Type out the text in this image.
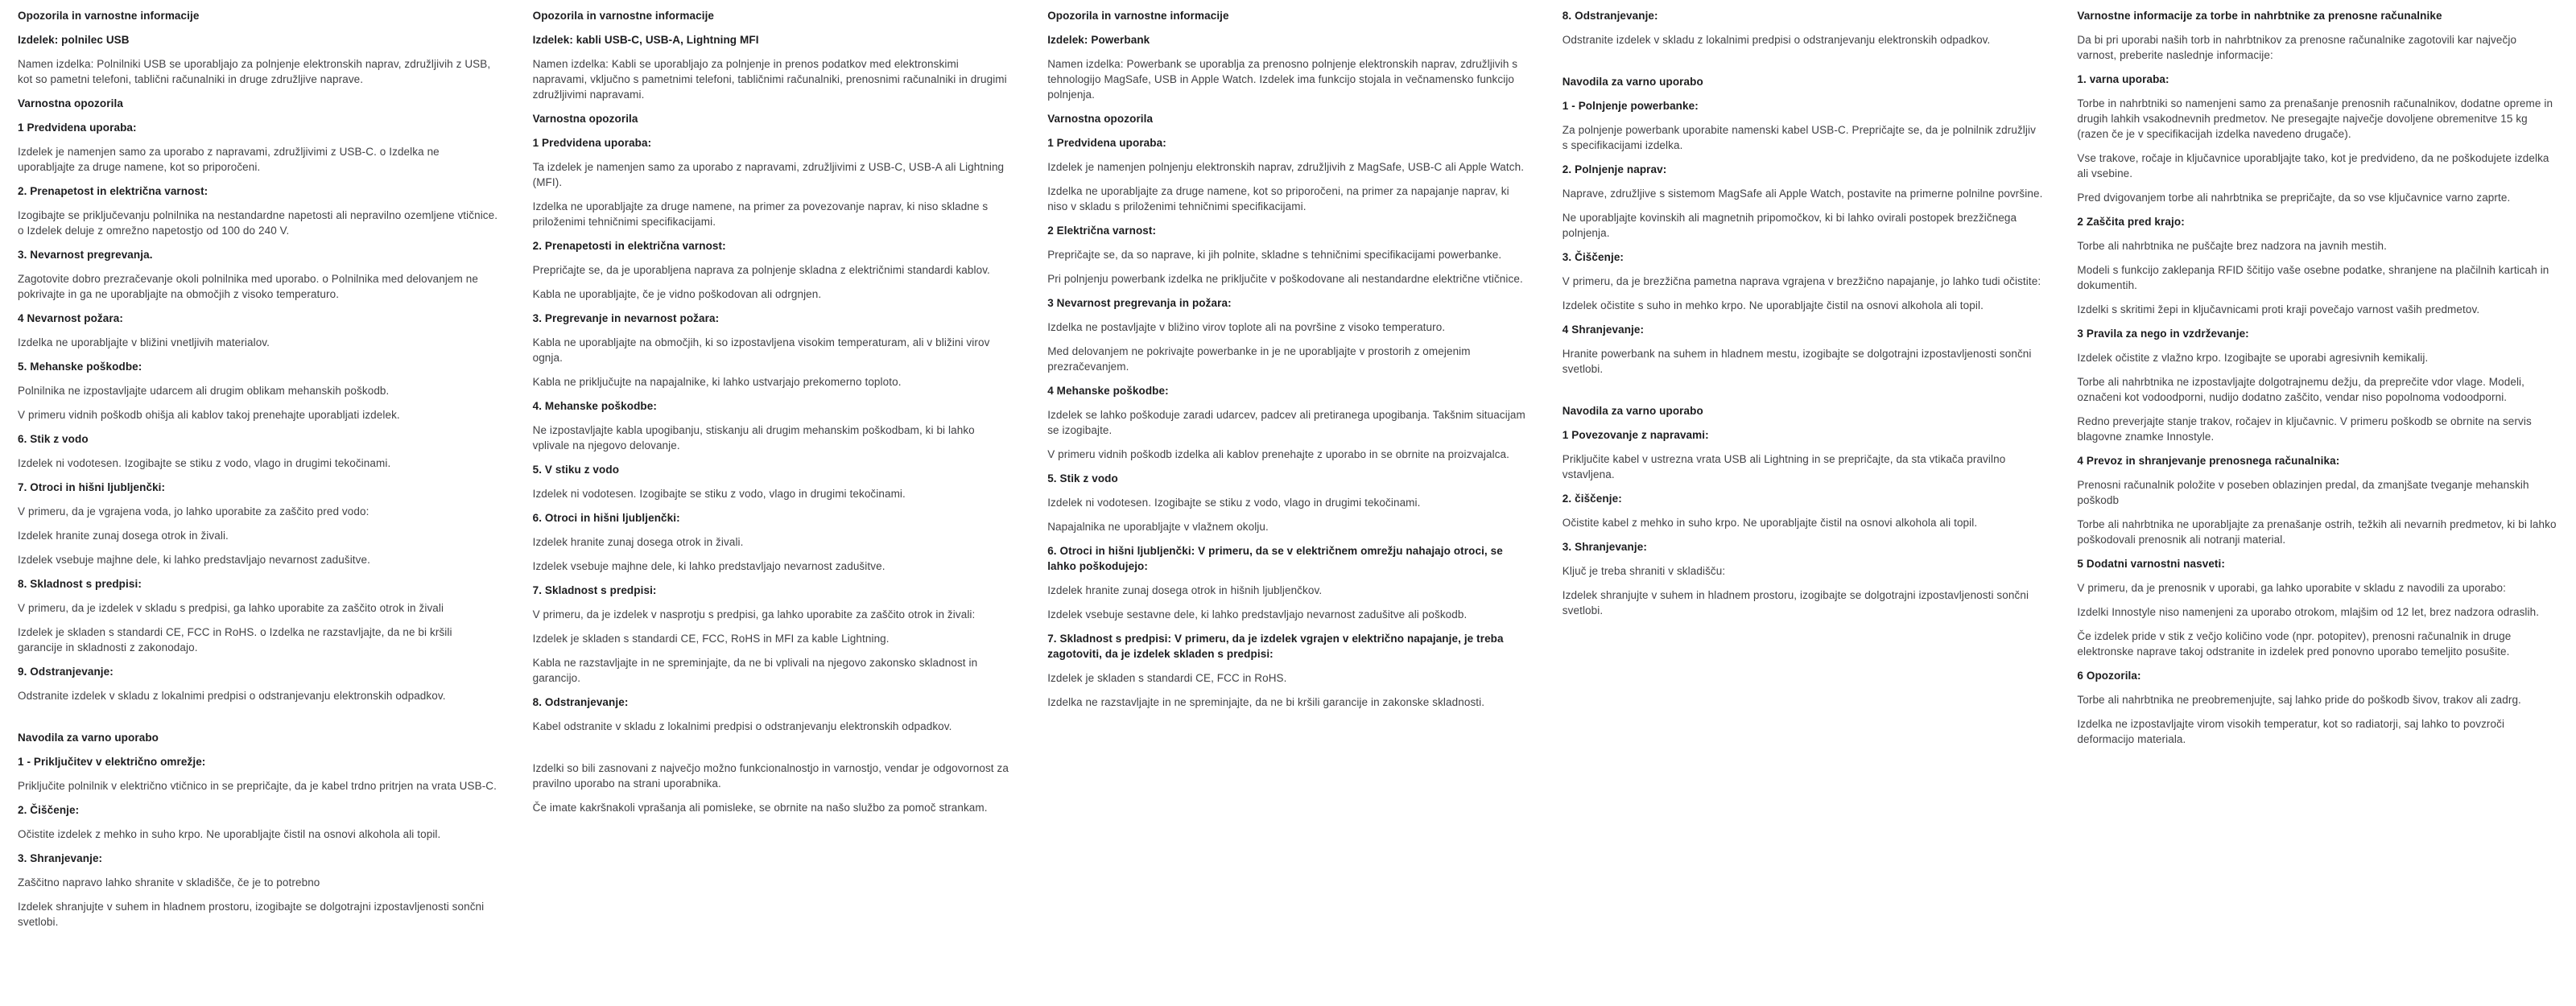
Opozorila in varnostne informacije
Izdelek: polnilec USB
Namen izdelka: Polnilniki USB se uporabljajo za polnjenje elektronskih naprav, združljivih z USB, kot so pametni telefoni, tablični računalniki in druge združljive naprave.
Varnostna opozorila
1 Predvidena uporaba:
Izdelek je namenjen samo za uporabo z napravami, združljivimi z USB-C. o Izdelka ne uporabljajte za druge namene, kot so priporočeni.
2. Prenapetost in električna varnost:
Izogibajte se priključevanju polnilnika na nestandardne napetosti ali nepravilno ozemljene vtičnice. o Izdelek deluje z omrežno napetostjo od 100 do 240 V.
3. Nevarnost pregrevanja.
Zagotovite dobro prezračevanje okoli polnilnika med uporabo. o Polnilnika med delovanjem ne pokrivajte in ga ne uporabljajte na območjih z visoko temperaturo.
4 Nevarnost požara:
Izdelka ne uporabljajte v bližini vnetljivih materialov.
5. Mehanske poškodbe:
Polnilnika ne izpostavljajte udarcem ali drugim oblikam mehanskih poškodb.
V primeru vidnih poškodb ohišja ali kablov takoj prenehajte uporabljati izdelek.
6. Stik z vodo
Izdelek ni vodotesen. Izogibajte se stiku z vodo, vlago in drugimi tekočinami.
7. Otroci in hišni ljubljenčki:
V primeru, da je vgrajena voda, jo lahko uporabite za zaščito pred vodo:
Izdelek hranite zunaj dosega otrok in živali.
Izdelek vsebuje majhne dele, ki lahko predstavljajo nevarnost zadušitve.
8. Skladnost s predpisi:
V primeru, da je izdelek v skladu s predpisi, ga lahko uporabite za zaščito otrok in živali
Izdelek je skladen s standardi CE, FCC in RoHS. o Izdelka ne razstavljajte, da ne bi kršili garancije in skladnosti z zakonodajo.
9. Odstranjevanje:
Odstranite izdelek v skladu z lokalnimi predpisi o odstranjevanju elektronskih odpadkov.
Navodila za varno uporabo
1 - Priključitev v električno omrežje:
Priključite polnilnik v električno vtičnico in se prepričajte, da je kabel trdno pritrjen na vrata USB-C.
2. Čiščenje:
Očistite izdelek z mehko in suho krpo. Ne uporabljajte čistil na osnovi alkohola ali topil.
3. Shranjevanje:
Zaščitno napravo lahko shranite v skladišče, če je to potrebno
Izdelek shranjujte v suhem in hladnem prostoru, izogibajte se dolgotrajni izpostavljenosti sončni svetlobi.
Opozorila in varnostne informacije
Izdelek: kabli USB-C, USB-A, Lightning MFI
Namen izdelka: Kabli se uporabljajo za polnjenje in prenos podatkov med elektronskimi napravami, vključno s pametnimi telefoni, tabličnimi računalniki, prenosnimi računalniki in drugimi združljivimi napravami.
Varnostna opozorila
1 Predvidena uporaba:
Ta izdelek je namenjen samo za uporabo z napravami, združljivimi z USB-C, USB-A ali Lightning (MFI).
Izdelka ne uporabljajte za druge namene, na primer za povezovanje naprav, ki niso skladne s priloženimi tehničnimi specifikacijami.
2. Prenapetosti in električna varnost:
Prepričajte se, da je uporabljena naprava za polnjenje skladna z električnimi standardi kablov.
Kabla ne uporabljajte, če je vidno poškodovan ali odrgnjen.
3. Pregrevanje in nevarnost požara:
Kabla ne uporabljajte na območjih, ki so izpostavljena visokim temperaturam, ali v bližini virov ognja.
Kabla ne priključujte na napajalnike, ki lahko ustvarjajo prekomerno toploto.
4. Mehanske poškodbe:
Ne izpostavljajte kabla upogibanju, stiskanju ali drugim mehanskim poškodbam, ki bi lahko vplivale na njegovo delovanje.
5. V stiku z vodo
Izdelek ni vodotesen. Izogibajte se stiku z vodo, vlago in drugimi tekočinami.
6. Otroci in hišni ljubljenčki:
Izdelek hranite zunaj dosega otrok in živali.
Izdelek vsebuje majhne dele, ki lahko predstavljajo nevarnost zadušitve.
7. Skladnost s predpisi:
V primeru, da je izdelek v nasprotju s predpisi, ga lahko uporabite za zaščito otrok in živali:
Izdelek je skladen s standardi CE, FCC, RoHS in MFI za kable Lightning.
Kabla ne razstavljajte in ne spreminjajte, da ne bi vplivali na njegovo zakonsko skladnost in garancijo.
8. Odstranjevanje:
Kabel odstranite v skladu z lokalnimi predpisi o odstranjevanju elektronskih odpadkov.
Izdelki so bili zasnovani z največjo možno funkcionalnostjo in varnostjo, vendar je odgovornost za pravilno uporabo na strani uporabnika.
Če imate kakršnakoli vprašanja ali pomisleke, se obrnite na našo službo za pomoč strankam.
Opozorila in varnostne informacije
Izdelek: Powerbank
Namen izdelka: Powerbank se uporablja za prenosno polnjenje elektronskih naprav, združljivih s tehnologijo MagSafe, USB in Apple Watch. Izdelek ima funkcijo stojala in večnamensko funkcijo polnjenja.
Varnostna opozorila
1 Predvidena uporaba:
Izdelek je namenjen polnjenju elektronskih naprav, združljivih z MagSafe, USB-C ali Apple Watch.
Izdelka ne uporabljajte za druge namene, kot so priporočeni, na primer za napajanje naprav, ki niso v skladu s priloženimi tehničnimi specifikacijami.
2 Električna varnost:
Prepričajte se, da so naprave, ki jih polnite, skladne s tehničnimi specifikacijami powerbanke.
Pri polnjenju powerbank izdelka ne priključite v poškodovane ali nestandardne električne vtičnice.
3 Nevarnost pregrevanja in požara:
Izdelka ne postavljajte v bližino virov toplote ali na površine z visoko temperaturo.
Med delovanjem ne pokrivajte powerbanke in je ne uporabljajte v prostorih z omejenim prezračevanjem.
4 Mehanske poškodbe:
Izdelek se lahko poškoduje zaradi udarcev, padcev ali pretiranega upogibanja. Takšnim situacijam se izogibajte.
V primeru vidnih poškodb izdelka ali kablov prenehajte z uporabo in se obrnite na proizvajalca.
5. Stik z vodo
Izdelek ni vodotesen. Izogibajte se stiku z vodo, vlago in drugimi tekočinami.
Napajalnika ne uporabljajte v vlažnem okolju.
6. Otroci in hišni ljubljenčki: V primeru, da se v električnem omrežju nahajajo otroci, se lahko poškodujejo:
Izdelek hranite zunaj dosega otrok in hišnih ljubljenčkov.
Izdelek vsebuje sestavne dele, ki lahko predstavljajo nevarnost zadušitve ali poškodb.
7. Skladnost s predpisi: V primeru, da je izdelek vgrajen v električno napajanje, je treba zagotoviti, da je izdelek skladen s predpisi:
Izdelek je skladen s standardi CE, FCC in RoHS.
Izdelka ne razstavljajte in ne spreminjajte, da ne bi kršili garancije in zakonske skladnosti.
8. Odstranjevanje:
Odstranite izdelek v skladu z lokalnimi predpisi o odstranjevanju elektronskih odpadkov.
Navodila za varno uporabo
1 - Polnjenje powerbanke:
Za polnjenje powerbank uporabite namenski kabel USB-C. Prepričajte se, da je polnilnik združljiv s specifikacijami izdelka.
2. Polnjenje naprav:
Naprave, združljive s sistemom MagSafe ali Apple Watch, postavite na primerne polnilne površine.
Ne uporabljajte kovinskih ali magnetnih pripomočkov, ki bi lahko ovirali postopek brezžičnega polnjenja.
3. Čiščenje:
V primeru, da je brezžična pametna naprava vgrajena v brezžično napajanje, jo lahko tudi očistite:
Izdelek očistite s suho in mehko krpo. Ne uporabljajte čistil na osnovi alkohola ali topil.
4 Shranjevanje:
Hranite powerbank na suhem in hladnem mestu, izogibajte se dolgotrajni izpostavljenosti sončni svetlobi.
Navodila za varno uporabo
1 Povezovanje z napravami:
Priključite kabel v ustrezna vrata USB ali Lightning in se prepričajte, da sta vtikača pravilno vstavljena.
2. čiščenje:
Očistite kabel z mehko in suho krpo. Ne uporabljajte čistil na osnovi alkohola ali topil.
3. Shranjevanje:
Ključ je treba shraniti v skladišču:
Izdelek shranjujte v suhem in hladnem prostoru, izogibajte se dolgotrajni izpostavljenosti sončni svetlobi.
Varnostne informacije za torbe in nahrbtnike za prenosne računalnike
Da bi pri uporabi naših torb in nahrbtnikov za prenosne računalnike zagotovili kar največjo varnost, preberite naslednje informacije:
1. varna uporaba:
Torbe in nahrbtniki so namenjeni samo za prenašanje prenosnih računalnikov, dodatne opreme in drugih lahkih vsakodnevnih predmetov. Ne presegajte največje dovoljene obremenitve 15 kg (razen če je v specifikacijah izdelka navedeno drugače).
Vse trakove, ročaje in ključavnice uporabljajte tako, kot je predvideno, da ne poškodujete izdelka ali vsebine.
Pred dvigovanjem torbe ali nahrbtnika se prepričajte, da so vse ključavnice varno zaprte.
2 Zaščita pred krajo:
Torbe ali nahrbtnika ne puščajte brez nadzora na javnih mestih.
Modeli s funkcijo zaklepanja RFID ščitijo vaše osebne podatke, shranjene na plačilnih karticah in dokumentih.
Izdelki s skritimi žepi in ključavnicami proti kraji povečajo varnost vaših predmetov.
3 Pravila za nego in vzdrževanje:
Izdelek očistite z vlažno krpo. Izogibajte se uporabi agresivnih kemikalij.
Torbe ali nahrbtnika ne izpostavljajte dolgotrajnemu dežju, da preprečite vdor vlage. Modeli, označeni kot vodoodporni, nudijo dodatno zaščito, vendar niso popolnoma vodoodporni.
Redno preverjajte stanje trakov, ročajev in ključavnic. V primeru poškodb se obrnite na servis blagovne znamke Innostyle.
4 Prevoz in shranjevanje prenosnega računalnika:
Prenosni računalnik položite v poseben oblazinjen predal, da zmanjšate tveganje mehanskih poškodb
Torbe ali nahrbtnika ne uporabljajte za prenašanje ostrih, težkih ali nevarnih predmetov, ki bi lahko poškodovali prenosnik ali notranji material.
5 Dodatni varnostni nasveti:
V primeru, da je prenosnik v uporabi, ga lahko uporabite v skladu z navodili za uporabo:
Izdelki Innostyle niso namenjeni za uporabo otrokom, mlajšim od 12 let, brez nadzora odraslih.
Če izdelek pride v stik z večjo količino vode (npr. potopitev), prenosni računalnik in druge elektronske naprave takoj odstranite in izdelek pred ponovno uporabo temeljito posušite.
6 Opozorila:
Torbe ali nahrbtnika ne preobremenjujte, saj lahko pride do poškodb šivov, trakov ali zadrg.
Izdelka ne izpostavljajte virom visokih temperatur, kot so radiatorji, saj lahko to povzroči deformacijo materiala.
